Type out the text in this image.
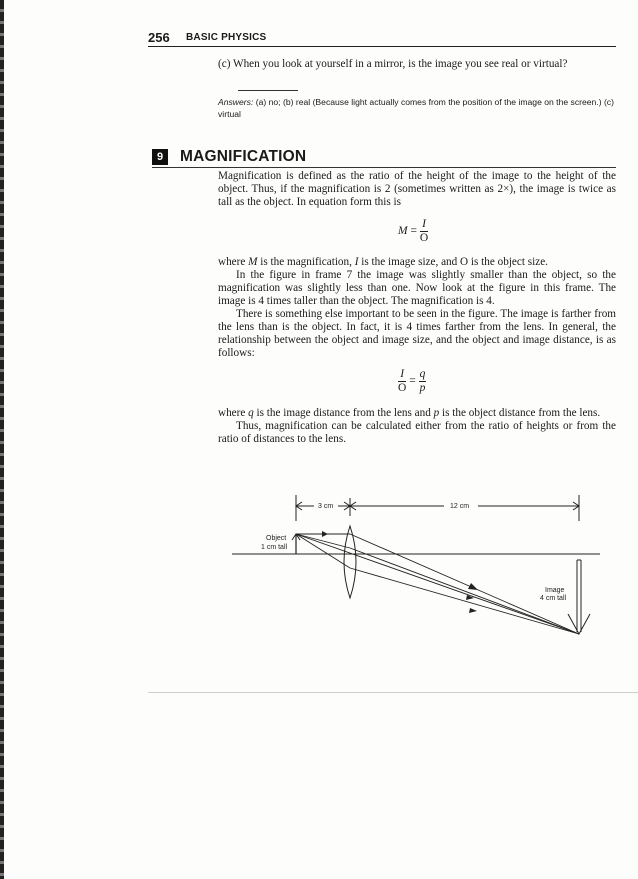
256 BASIC PHYSICS
(c) When you look at yourself in a mirror, is the image you see real or virtual?
Answers: (a) no; (b) real (Because light actually comes from the position of the image on the screen.) (c) virtual
9	MAGNIFICATION

Magnification is defined as the ratio of the height of the image to the height of the object. Thus, if the magnification is 2 (sometimes written as 2×), the image is twice as tall as the object. In equation form this is

$M = \frac{I}{O}$

where M is the magnification, I is the image size, and O is the object size.

In the figure in frame 7 the image was slightly smaller than the object, so the magnification was slightly less than one. Now look at the figure in this frame. The image is 4 times taller than the object. The magnification is 4.

There is something else important to be seen in the figure. The image is farther from the lens than is the object. In fact, it is 4 times farther from the lens. In general, the relationship between the object and image size, and the object and image distance, is as follows:

$\frac{I}{O} = \frac{q}{p}$

where q is the image distance from the lens and p is the object distance from the lens.

Thus, magnification can be calculated either from the ratio of heights or from the ratio of distances to the lens.

3 cm	12 cm
Object
1 cm tall
Image
4 cm tall
